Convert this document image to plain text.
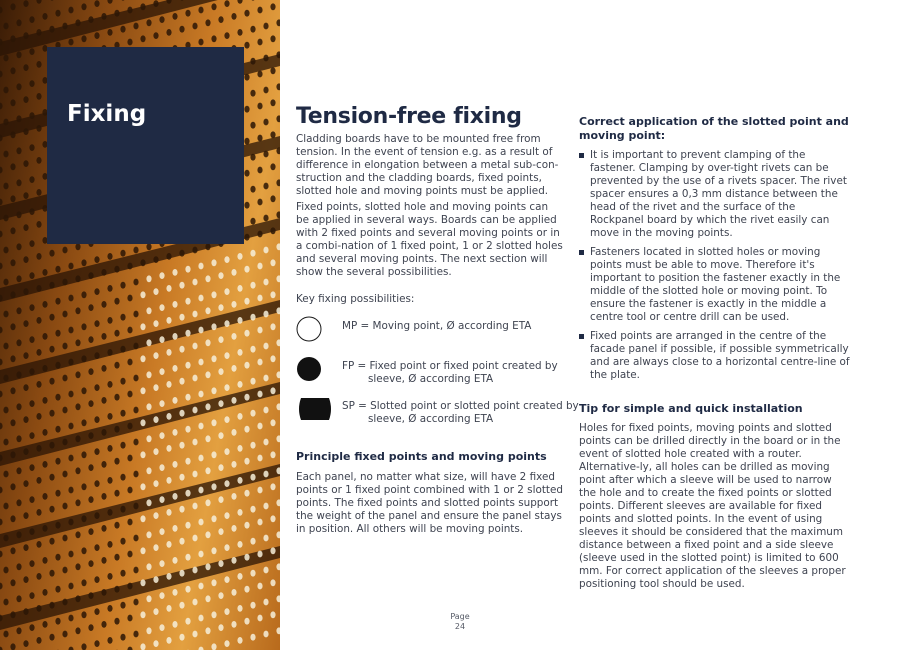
Fixing	Tension-free fixing

Cladding boards have to be mounted free from tension. In the event of tension e.g. as a result of difference in elongation between a metal sub-con-struction and the cladding boards, fixed points, slotted hole and moving points must be applied.

Fixed points, slotted hole and moving points can be applied in several ways. Boards can be applied with 2 fixed points and several moving points or in a combi-nation of 1 fixed point, 1 or 2 slotted holes and several moving points. The next section will show the several possibilities.

Key fixing possibilities:

MP = Moving point, Ø according ETA
FP = Fixed point or fixed point created by sleeve, Ø according ETA
SP = Slotted point or slotted point created by sleeve, Ø according ETA
Principle fixed points and moving points

Each panel, no matter what size, will have 2 fixed points or 1 fixed point combined with 1 or 2 slotted points. The fixed points and slotted points support the weight of the panel and ensure the panel stays in position. All others will be moving points.

Correct application of the slotted point and moving point:
It is important to prevent clamping of the fastener. Clamping by over-tight rivets can be prevented by the use of a rivets spacer. The rivet spacer ensures a 0,3 mm distance between the head of the rivet and the surface of the Rockpanel board by which the rivet easily can move in the moving points.
Fasteners located in slotted holes or moving points must be able to move. Therefore it's important to position the fastener exactly in the middle of the slotted hole or moving point. To ensure the fastener is exactly in the middle a centre tool or centre drill can be used.
Fixed points are arranged in the centre of the facade panel if possible, if possible symmetrically and are always close to a horizontal centre-line of the plate.
Tip for simple and quick installation

Holes for fixed points, moving points and slotted points can be drilled directly in the board or in the event of slotted hole created with a router. Alternative-ly, all holes can be drilled as moving point after which a sleeve will be used to narrow the hole and to create the fixed points or slotted points. Different sleeves are available for fixed points and slotted points. In the event of using sleeves it should be considered that the maximum distance between a fixed point and a side sleeve (sleeve used in the slotted point) is limited to 600 mm. For correct application of the sleeves a proper positioning tool should be used.

Page
24
